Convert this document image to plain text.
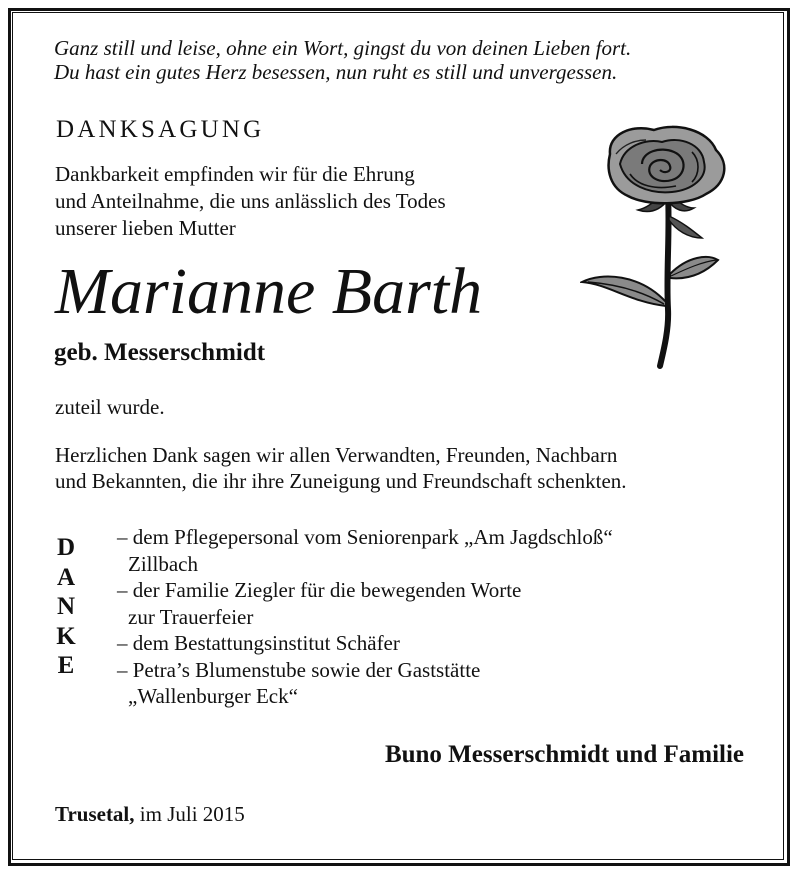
Ganz still und leise, ohne ein Wort, gingst du von deinen Lieben fort.
Du hast ein gutes Herz besessen, nun ruht es still und unvergessen.
DANKSAGUNG
Dankbarkeit empfinden wir für die Ehrung
und Anteilnahme, die uns anlässlich des Todes
unserer lieben Mutter
Marianne Barth
geb. Messerschmidt
zuteil wurde.
Herzlichen Dank sagen wir allen Verwandten, Freunden, Nachbarn
und Bekannten, die ihr ihre Zuneigung und Freundschaft schenkten.
D
A
N
K
E
– dem Pflegepersonal vom Seniorenpark „Am Jagdschloß“
Zillbach
– der Familie Ziegler für die bewegenden Worte
zur Trauerfeier
– dem Bestattungsinstitut Schäfer
– Petra’s Blumenstube sowie der Gaststätte
„Wallenburger Eck“
Buno Messerschmidt und Familie
Trusetal, im Juli 2015
